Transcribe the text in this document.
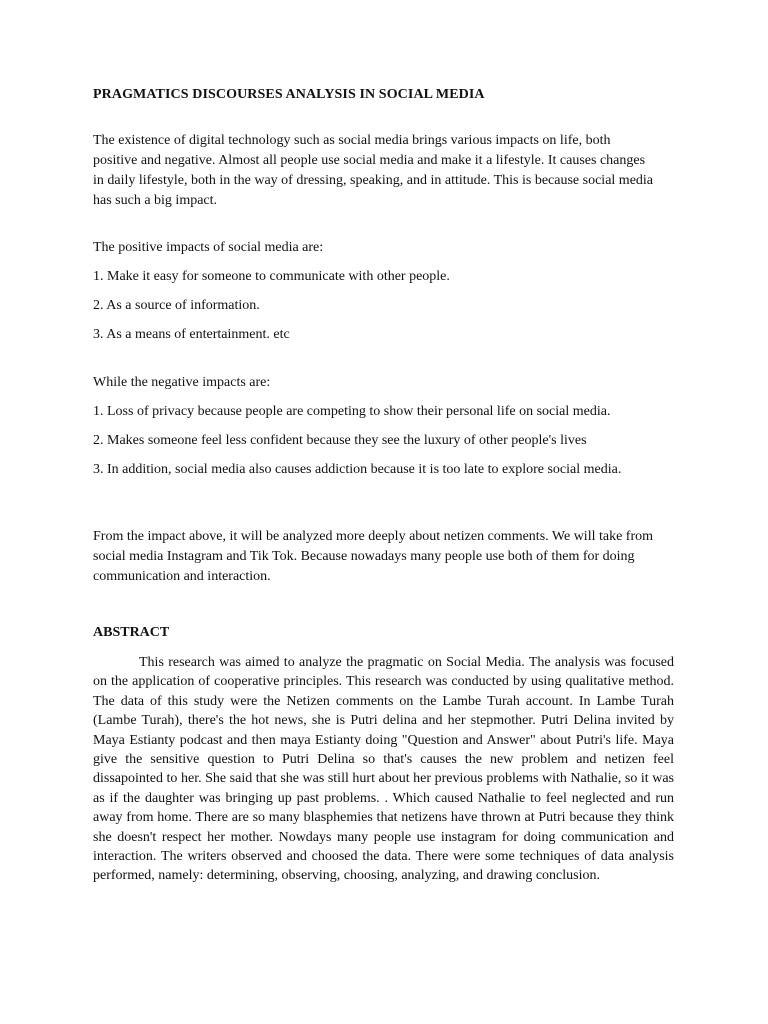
PRAGMATICS DISCOURSES ANALYSIS IN SOCIAL MEDIA
The existence of digital technology such as social media brings various impacts on life, both positive and negative. Almost all people use social media and make it a lifestyle. It causes changes in daily lifestyle, both in the way of dressing, speaking, and in attitude. This is because social media has such a big impact.
The positive impacts of social media are:
1. Make it easy for someone to communicate with other people.
2. As a source of information.
3. As a means of entertainment. etc
While the negative impacts are:
1. Loss of privacy because people are competing to show their personal life on social media.
2. Makes someone feel less confident because they see the luxury of other people's lives
3. In addition, social media also causes addiction because it is too late to explore social media.
From the impact above, it will be analyzed more deeply about netizen comments. We will take from social media Instagram and Tik Tok. Because nowadays many people use both of them for doing communication and interaction.
ABSTRACT
This research was aimed to analyze the pragmatic on Social Media. The analysis was focused on the application of cooperative principles. This research was conducted by using qualitative method. The data of this study were the Netizen comments on the Lambe Turah account. In Lambe Turah (Lambe Turah), there's the hot news, she is Putri delina and her stepmother. Putri Delina invited by Maya Estianty podcast and then maya Estianty doing "Question and Answer" about Putri's life. Maya give the sensitive question to Putri Delina so that's causes the new problem and netizen feel dissapointed to her. She said that she was still hurt about her previous problems with Nathalie, so it was as if the daughter was bringing up past problems. . Which caused Nathalie to feel neglected and run away from home. There are so many blasphemies that netizens have thrown at Putri because they think she doesn't respect her mother. Nowdays many people use instagram for doing communication and interaction. The writers observed and choosed the data. There were some techniques of data analysis performed, namely: determining, observing, choosing, analyzing, and drawing conclusion.
